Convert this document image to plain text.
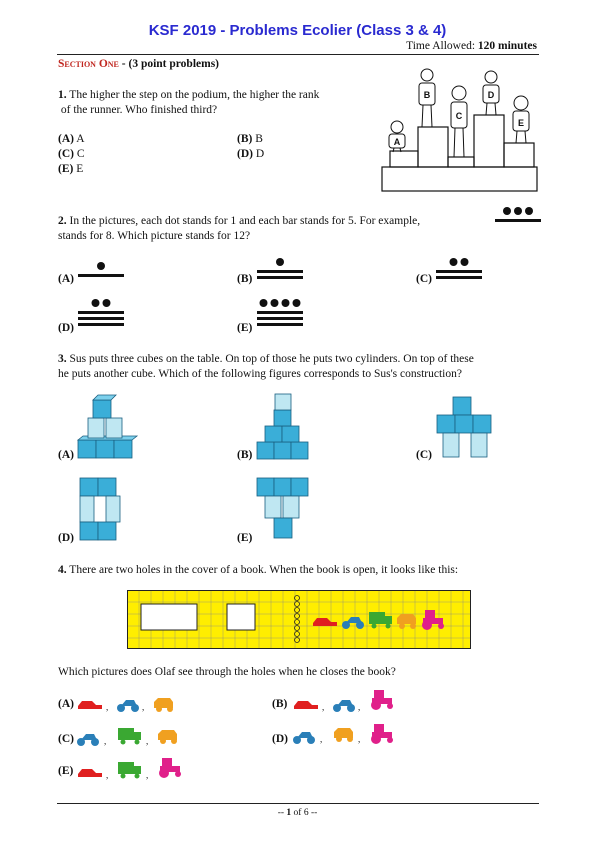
KSF 2019 - Problems Ecolier (Class 3 & 4)
Time Allowed: 120 minutes
Section One - (3 point problems)
1. The higher the step on the podium, the higher the rank
of the runner. Who finished third?
(A) A	(B) B
(C) C	(D) D
(E) E
A
B
C
D
E
2. In the pictures, each dot stands for 1 and each bar stands for 5. For example,
stands for 8. Which picture stands for 12?
(A)	(B)	(C)
(D)	(E)
3. Sus puts three cubes on the table. On top of those he puts two cylinders. On top of these
he puts another cube. Which of the following figures corresponds to Sus's construction?
(A)	(B)	(C)
(D)	(E)
4. There are two holes in the cover of a book. When the book is open, it looks like this:
Which pictures does Olaf see through the holes when he closes the book?
(A)	(B)
(C)	(D)
(E)
,	,	,	,
,	,	,	,
,	,
-- 1 of 6 --
